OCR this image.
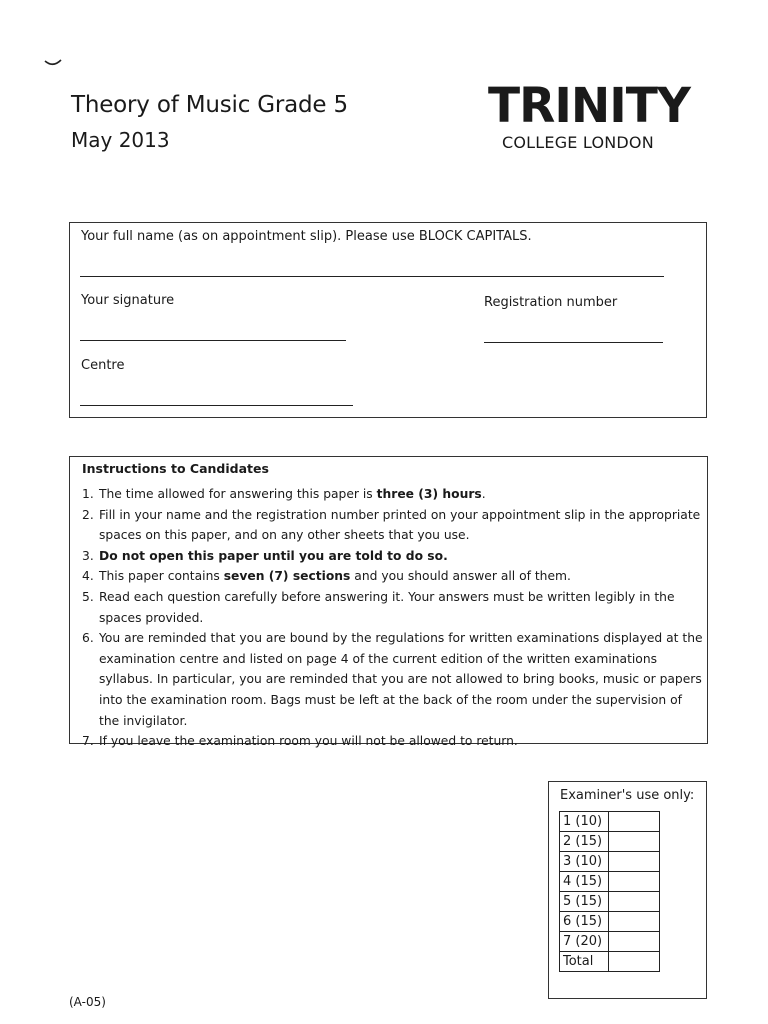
Theory of Music Grade 5
May 2013
TRINITY
COLLEGE LONDON
Your full name (as on appointment slip). Please use BLOCK CAPITALS.
Your signature	Registration number
Centre
Instructions to Candidates
1. The time allowed for answering this paper is three (3) hours.
2. Fill in your name and the registration number printed on your appointment slip in the appropriate spaces on this paper, and on any other sheets that you use.
3. Do not open this paper until you are told to do so.
4. This paper contains seven (7) sections and you should answer all of them.
5. Read each question carefully before answering it. Your answers must be written legibly in the spaces provided.
6. You are reminded that you are bound by the regulations for written examinations displayed at the examination centre and listed on page 4 of the current edition of the written examinations syllabus. In particular, you are reminded that you are not allowed to bring books, music or papers into the examination room. Bags must be left at the back of the room under the supervision of the invigilator.
7. If you leave the examination room you will not be allowed to return.
Examiner's use only:
1 (10)	
2 (15)	
3 (10)	
4 (15)	
5 (15)	
6 (15)	
7 (20)	
Total	
(A-05)
